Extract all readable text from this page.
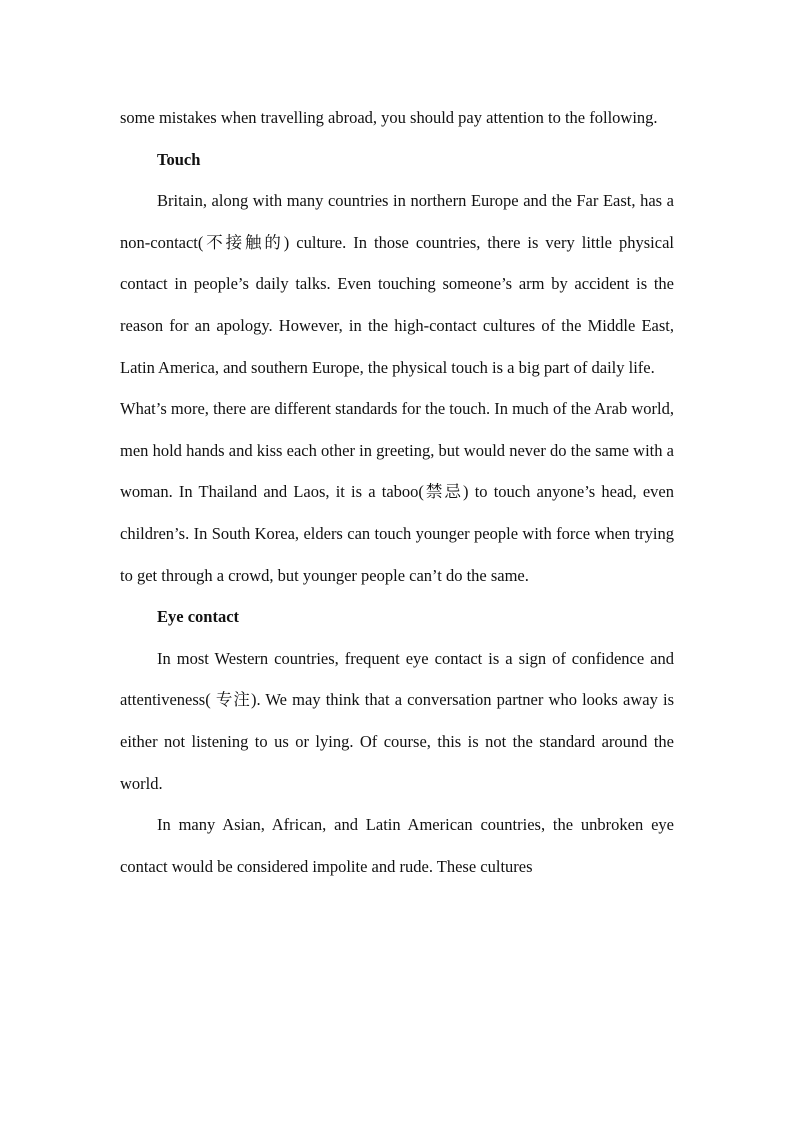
some mistakes when travelling abroad, you should pay attention to the following.

Touch

Britain, along with many countries in northern Europe and the Far East, has a non-contact(不接触的) culture. In those countries, there is very little physical contact in people’s daily talks. Even touching someone’s arm by accident is the reason for an apology. However, in the high-contact cultures of the Middle East, Latin America, and southern Europe, the physical touch is a big part of daily life.

What’s more, there are different standards for the touch. In much of the Arab world, men hold hands and kiss each other in greeting, but would never do the same with a woman. In Thailand and Laos, it is a taboo(禁忌) to touch anyone’s head, even children’s. In South Korea, elders can touch younger people with force when trying to get through a crowd, but younger people can’t do the same.

Eye contact

In most Western countries, frequent eye contact is a sign of confidence and attentiveness( 专注). We may think that a conversation partner who looks away is either not listening to us or lying. Of course, this is not the standard around the world.

In many Asian, African, and Latin American countries, the unbroken eye contact would be considered impolite and rude. These cultures
